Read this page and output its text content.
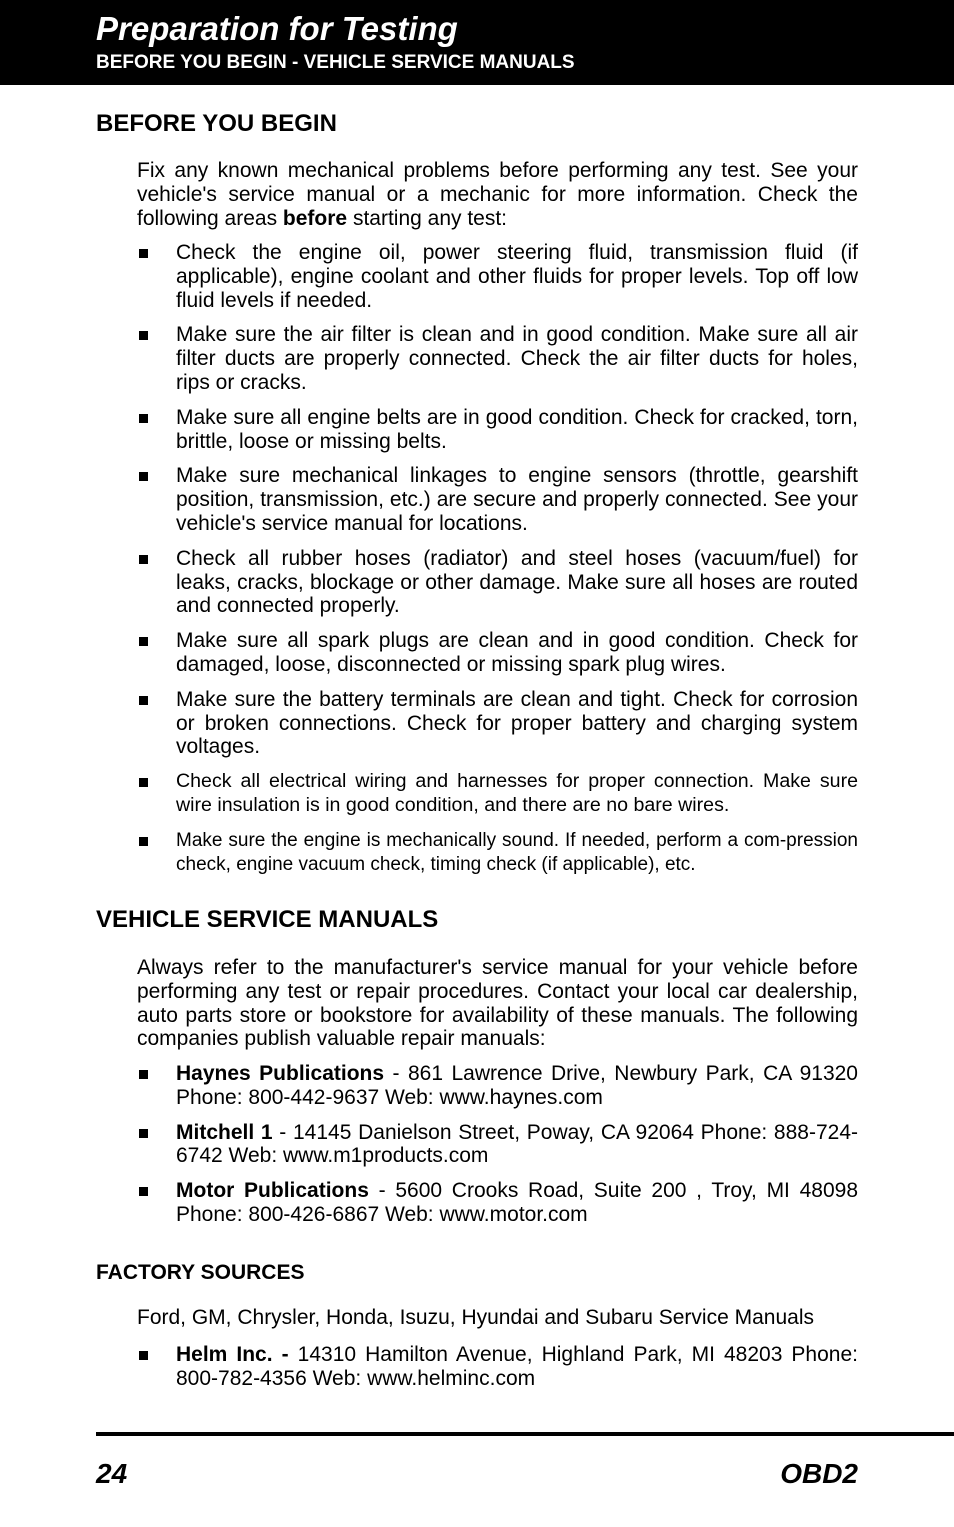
Preparation for Testing
BEFORE YOU BEGIN - VEHICLE SERVICE MANUALS
BEFORE YOU BEGIN

Fix any known mechanical problems before performing any test. See your vehicle's service manual or a mechanic for more information. Check the following areas before starting any test:

Check the engine oil, power steering fluid, transmission fluid (if applicable), engine coolant and other fluids for proper levels. Top off low fluid levels if needed.
Make sure the air filter is clean and in good condition. Make sure all air filter ducts are properly connected. Check the air filter ducts for holes, rips or cracks.
Make sure all engine belts are in good condition. Check for cracked, torn, brittle, loose or missing belts.
Make sure mechanical linkages to engine sensors (throttle, gearshift position, transmission, etc.) are secure and properly connected. See your vehicle's service manual for locations.
Check all rubber hoses (radiator) and steel hoses (vacuum/fuel) for leaks, cracks, blockage or other damage. Make sure all hoses are routed and connected properly.
Make sure all spark plugs are clean and in good condition. Check for damaged, loose, disconnected or missing spark plug wires.
Make sure the battery terminals are clean and tight. Check for corrosion or broken connections. Check for proper battery and charging system voltages.
Check all electrical wiring and harnesses for proper connection. Make sure wire insulation is in good condition, and there are no bare wires.
Make sure the engine is mechanically sound. If needed, perform a com-pression check, engine vacuum check, timing check (if applicable), etc.
VEHICLE SERVICE MANUALS

Always refer to the manufacturer's service manual for your vehicle before performing any test or repair procedures. Contact your local car dealership, auto parts store or bookstore for availability of these manuals. The following companies publish valuable repair manuals:

Haynes Publications - 861 Lawrence Drive, Newbury Park, CA 91320 Phone: 800-442-9637 Web: www.haynes.com
Mitchell 1 - 14145 Danielson Street, Poway, CA 92064 Phone: 888-724-6742 Web: www.m1products.com
Motor Publications - 5600 Crooks Road, Suite 200 , Troy, MI 48098 Phone: 800-426-6867 Web: www.motor.com
FACTORY SOURCES

Ford, GM, Chrysler, Honda, Isuzu, Hyundai and Subaru Service Manuals

Helm Inc. - 14310 Hamilton Avenue, Highland Park, MI 48203 Phone: 800-782-4356 Web: www.helminc.com
24	OBD2
